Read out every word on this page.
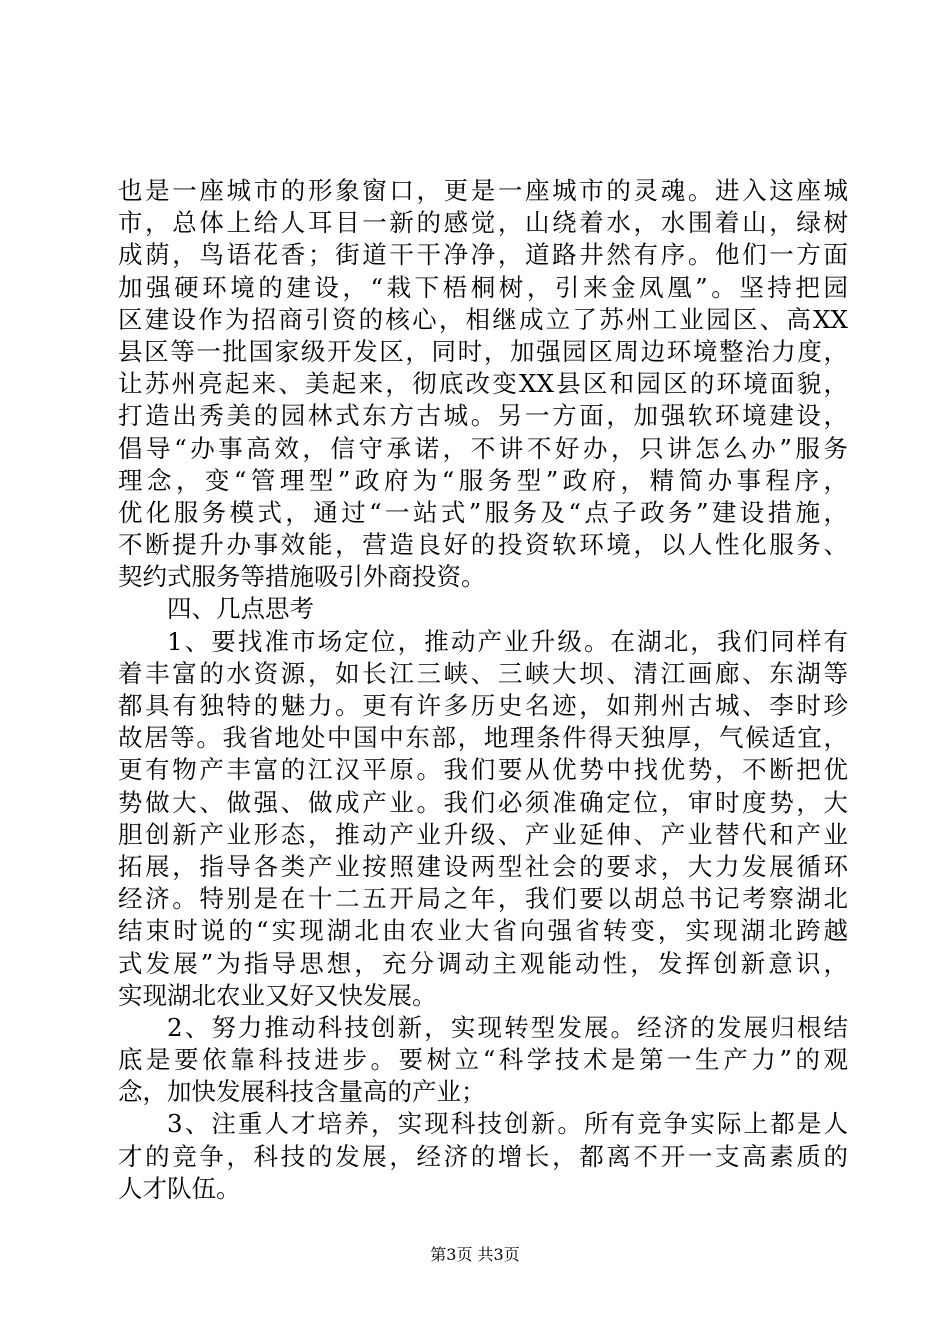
也是一座城市的形象窗口，更是一座城市的灵魂。进入这座城
市，总体上给人耳目一新的感觉，山绕着水，水围着山，绿树
成荫，鸟语花香；街道干干净净，道路井然有序。他们一方面
加强硬环境的建设，“栽下梧桐树，引来金凤凰”。坚持把园
区建设作为招商引资的核心，相继成立了苏州工业园区、高XX
县区等一批国家级开发区，同时，加强园区周边环境整治力度，
让苏州亮起来、美起来，彻底改变XX县区和园区的环境面貌，
打造出秀美的园林式东方古城。另一方面，加强软环境建设，
倡导“办事高效，信守承诺，不讲不好办，只讲怎么办”服务
理念，变“管理型”政府为“服务型”政府，精简办事程序，
优化服务模式，通过“一站式”服务及“点子政务”建设措施，
不断提升办事效能，营造良好的投资软环境，以人性化服务、
契约式服务等措施吸引外商投资。
四、几点思考
1、要找准市场定位，推动产业升级。在湖北，我们同样有
着丰富的水资源，如长江三峡、三峡大坝、清江画廊、东湖等
都具有独特的魅力。更有许多历史名迹，如荆州古城、李时珍
故居等。我省地处中国中东部，地理条件得天独厚，气候适宜，
更有物产丰富的江汉平原。我们要从优势中找优势，不断把优
势做大、做强、做成产业。我们必须准确定位，审时度势，大
胆创新产业形态，推动产业升级、产业延伸、产业替代和产业
拓展，指导各类产业按照建设两型社会的要求，大力发展循环
经济。特别是在十二五开局之年，我们要以胡总书记考察湖北
结束时说的“实现湖北由农业大省向强省转变，实现湖北跨越
式发展”为指导思想，充分调动主观能动性，发挥创新意识，
实现湖北农业又好又快发展。
2、努力推动科技创新，实现转型发展。经济的发展归根结
底是要依靠科技进步。要树立“科学技术是第一生产力”的观
念，加快发展科技含量高的产业；
3、注重人才培养，实现科技创新。所有竞争实际上都是人
才的竞争，科技的发展，经济的增长，都离不开一支高素质的
人才队伍。
第3页 共3页
